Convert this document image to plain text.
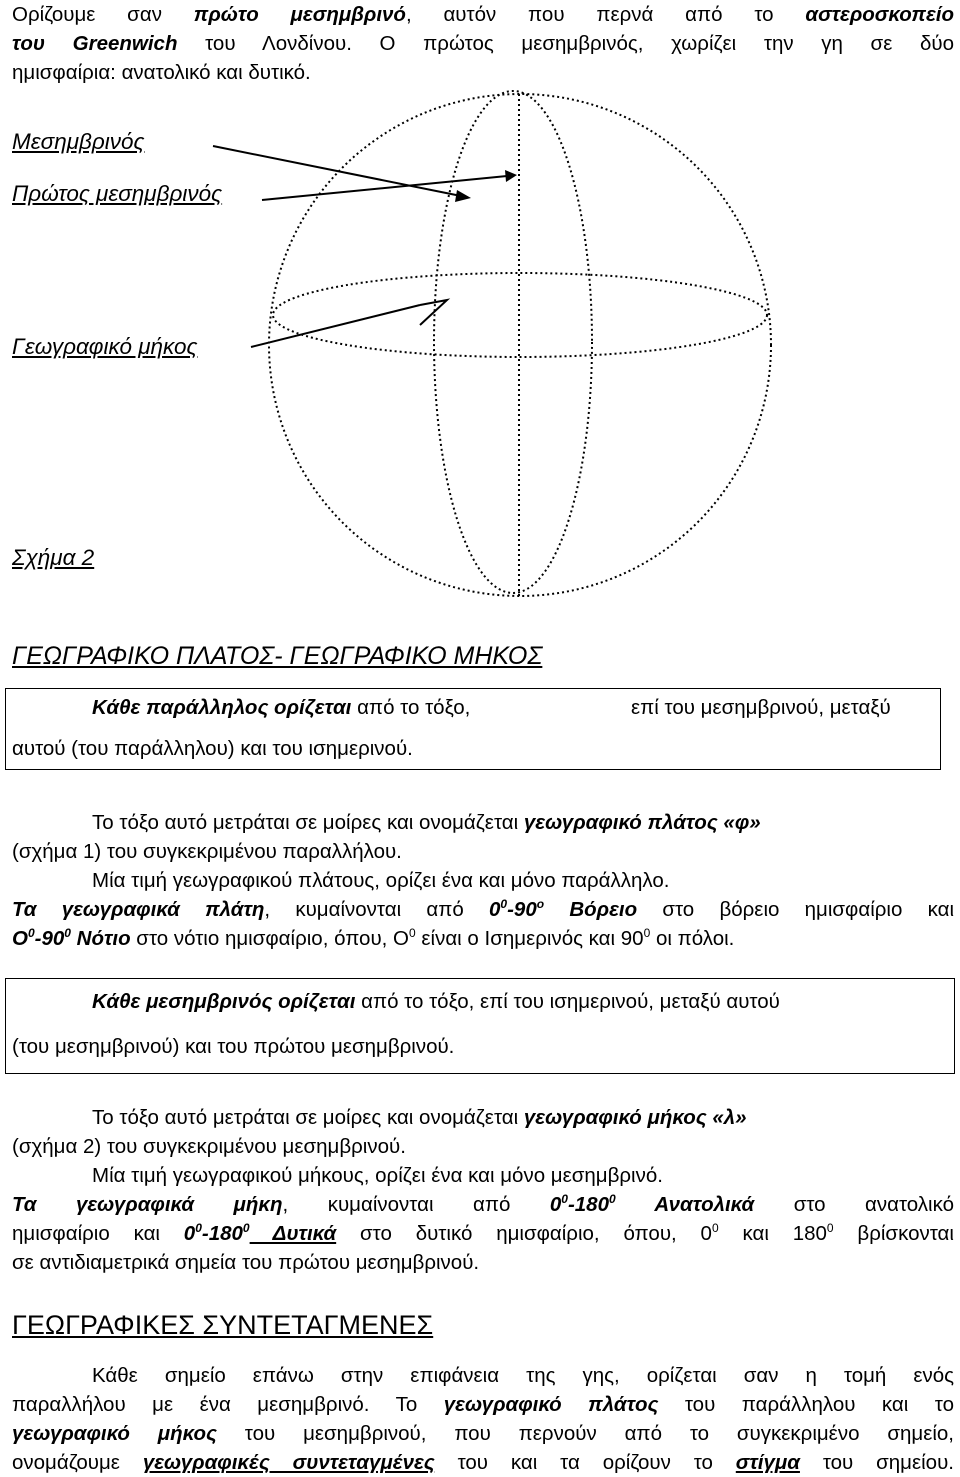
Ορίζουμε σαν πρώτο μεσημβρινό, αυτόν που περνά από το αστεροσκοπείο
του Greenwich του Λονδίνου. Ο πρώτος μεσημβρινός, χωρίζει την γη σε δύο
ημισφαίρια: ανατολικό και δυτικό.
Μεσημβρινός
Πρώτος μεσημβρινός
Γεωγραφικό μήκος
Σχήμα 2
ΓΕΩΓΡΑΦΙΚΟ ΠΛΑΤΟΣ- ΓΕΩΓΡΑΦΙΚΟ ΜΗΚΟΣ
Κάθε παράλληλος ορίζεται από το τόξο,	επί του μεσημβρινού, μεταξύ
αυτού (του παράλληλου) και του ισημερινού.
Το τόξο αυτό μετράται σε μοίρες και ονομάζεται γεωγραφικό πλάτος «φ»
(σχήμα 1) του συγκεκριμένου παραλλήλου.
Μία τιμή γεωγραφικού πλάτους, ορίζει ένα και μόνο παράλληλο.
Τα γεωγραφικά πλάτη, κυμαίνονται από $0^0-90^o$ Βόρειο στο βόρειο ημισφαίριο και
$O^0-90^0$ Νότιο στο νότιο ημισφαίριο, όπου, $O^0$ είναι ο Ισημερινός και $90^0$ οι πόλοι.
Κάθε μεσημβρινός ορίζεται από το τόξο, επί του ισημερινού, μεταξύ αυτού
(του μεσημβρινού) και του πρώτου μεσημβρινού.
Το τόξο αυτό μετράται σε μοίρες και ονομάζεται γεωγραφικό μήκος «λ»
(σχήμα 2) του συγκεκριμένου μεσημβρινού.
Μία τιμή γεωγραφικού μήκους, ορίζει ένα και μόνο μεσημβρινό.
Τα γεωγραφικά μήκη, κυμαίνονται από $0^0-180^0$ Ανατολικά στο ανατολικό
ημισφαίριο και $0^0-180^0$ Δυτικά στο δυτικό ημισφαίριο, όπου, $0^0$ και $180^0$ βρίσκονται
σε αντιδιαμετρικά σημεία του πρώτου μεσημβρινού.
ΓΕΩΓΡΑΦΙΚΕΣ ΣΥΝΤΕΤΑΓΜΕΝΕΣ
Κάθε σημείο επάνω στην επιφάνεια της γης, ορίζεται σαν η τομή ενός
παραλλήλου με ένα μεσημβρινό. Το γεωγραφικό πλάτος του παράλληλου και το
γεωγραφικό μήκος του μεσημβρινού, που περνούν από το συγκεκριμένο σημείο,
ονομάζουμε γεωγραφικές συντεταγμένες του και τα ορίζουν το στίγμα του σημείου.
